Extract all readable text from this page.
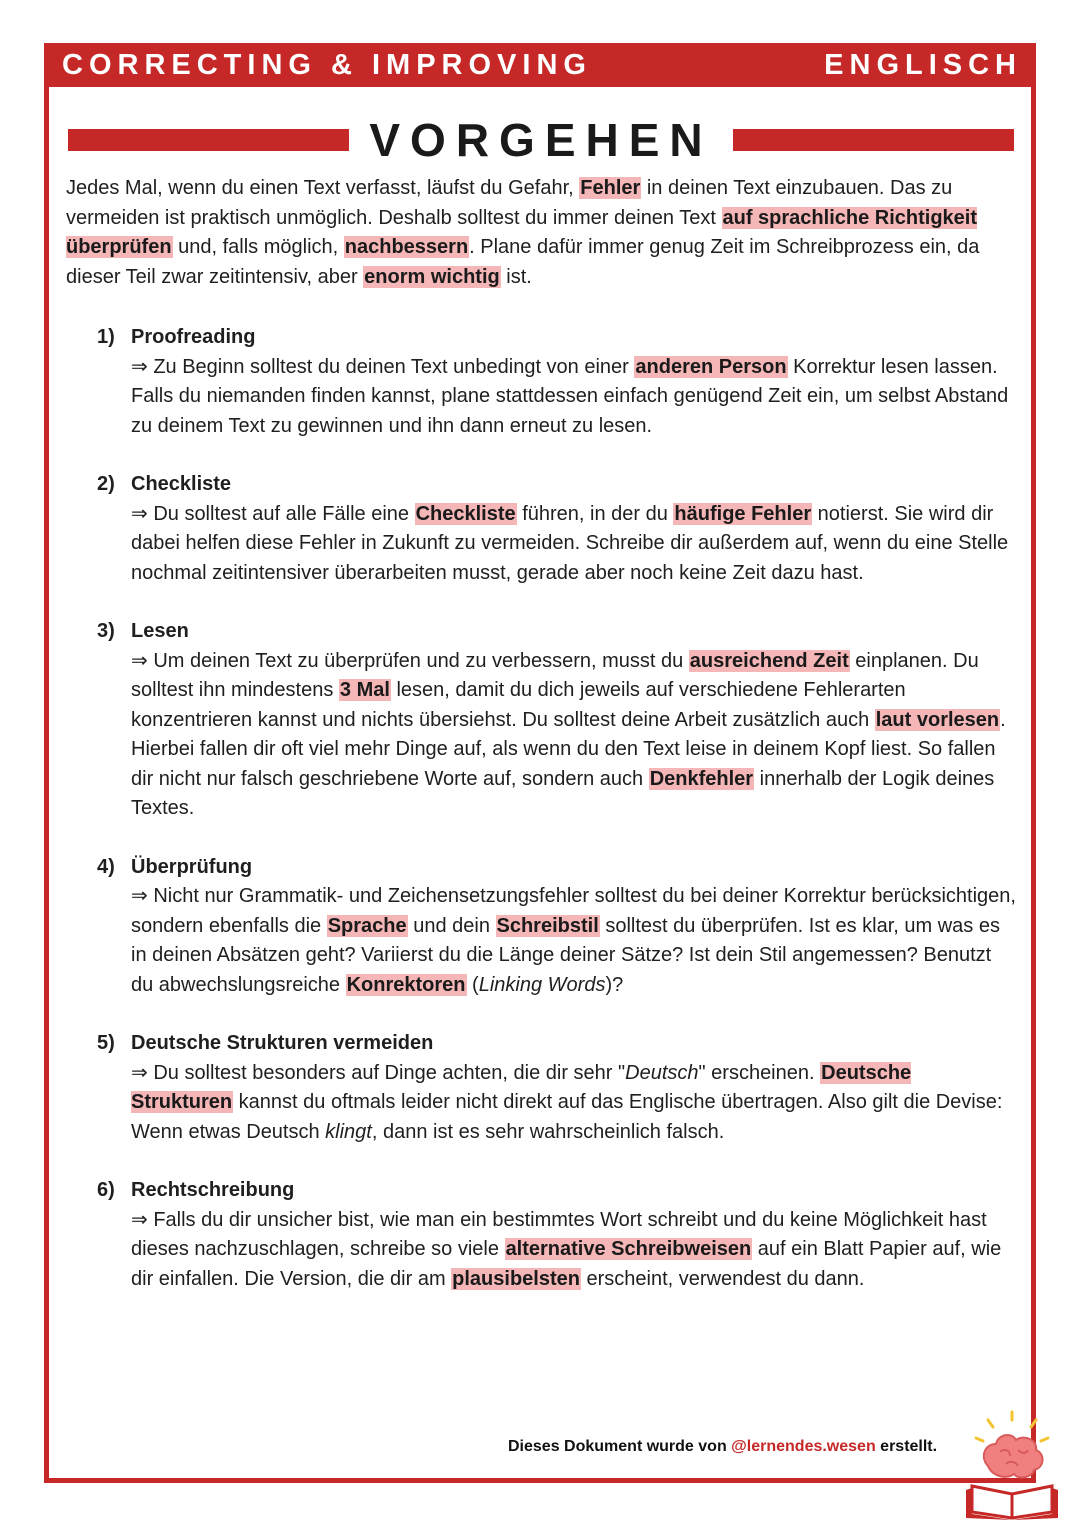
CORRECTING & IMPROVING	ENGLISCH
VORGEHEN

Jedes Mal, wenn du einen Text verfasst, läufst du Gefahr, Fehler in deinen Text einzubauen. Das zu vermeiden ist praktisch unmöglich. Deshalb solltest du immer deinen Text auf sprachliche Richtigkeit überprüfen und, falls möglich, nachbessern. Plane dafür immer genug Zeit im Schreibprozess ein, da dieser Teil zwar zeitintensiv, aber enorm wichtig ist.

1) Proofreading

⇒ Zu Beginn solltest du deinen Text unbedingt von einer anderen Person Korrektur lesen lassen. Falls du niemanden finden kannst, plane stattdessen einfach genügend Zeit ein, um selbst Abstand zu deinem Text zu gewinnen und ihn dann erneut zu lesen.

2) Checkliste

⇒ Du solltest auf alle Fälle eine Checkliste führen, in der du häufige Fehler notierst. Sie wird dir dabei helfen diese Fehler in Zukunft zu vermeiden. Schreibe dir außerdem auf, wenn du eine Stelle nochmal zeitintensiver überarbeiten musst, gerade aber noch keine Zeit dazu hast.

3) Lesen

⇒ Um deinen Text zu überprüfen und zu verbessern, musst du ausreichend Zeit einplanen. Du solltest ihn mindestens 3 Mal lesen, damit du dich jeweils auf verschiedene Fehlerarten konzentrieren kannst und nichts übersiehst. Du solltest deine Arbeit zusätzlich auch laut vorlesen. Hierbei fallen dir oft viel mehr Dinge auf, als wenn du den Text leise in deinem Kopf liest. So fallen dir nicht nur falsch geschriebene Worte auf, sondern auch Denkfehler innerhalb der Logik deines Textes.

4) Überprüfung

⇒ Nicht nur Grammatik- und Zeichensetzungsfehler solltest du bei deiner Korrektur berücksichtigen, sondern ebenfalls die Sprache und dein Schreibstil solltest du überprüfen. Ist es klar, um was es in deinen Absätzen geht? Variierst du die Länge deiner Sätze? Ist dein Stil angemessen? Benutzt du abwechslungsreiche Konrektoren (Linking Words)?

5) Deutsche Strukturen vermeiden

⇒ Du solltest besonders auf Dinge achten, die dir sehr "Deutsch" erscheinen. Deutsche Strukturen kannst du oftmals leider nicht direkt auf das Englische übertragen. Also gilt die Devise: Wenn etwas Deutsch klingt, dann ist es sehr wahrscheinlich falsch.

6) Rechtschreibung

⇒ Falls du dir unsicher bist, wie man ein bestimmtes Wort schreibt und du keine Möglichkeit hast dieses nachzuschlagen, schreibe so viele alternative Schreibweisen auf ein Blatt Papier auf, wie dir einfallen. Die Version, die dir am plausibelsten erscheint, verwendest du dann.

Dieses Dokument wurde von @lernendes.wesen erstellt.
